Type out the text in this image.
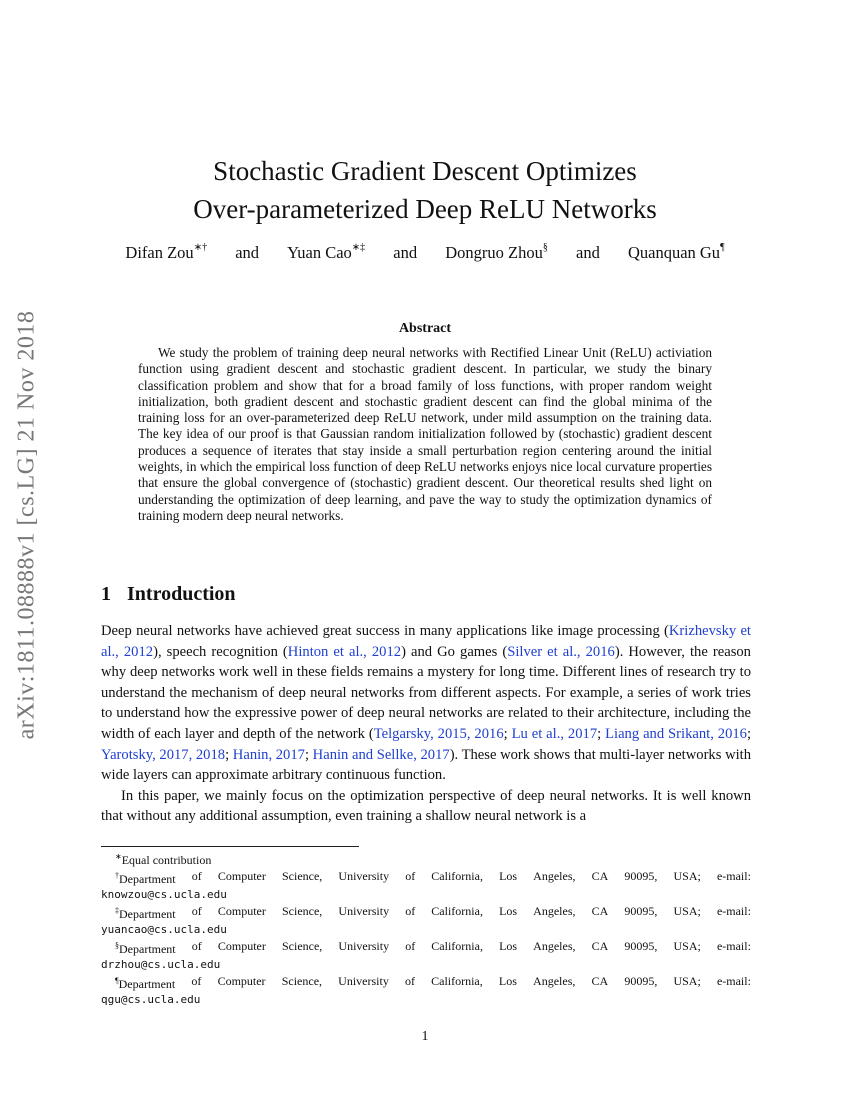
arXiv:1811.08888v1 [cs.LG] 21 Nov 2018
Stochastic Gradient Descent Optimizes
Over-parameterized Deep ReLU Networks
Difan Zou∗† and Yuan Cao∗‡ and Dongruo Zhou§ and Quanquan Gu¶
Abstract
We study the problem of training deep neural networks with Rectified Linear Unit (ReLU) activiation function using gradient descent and stochastic gradient descent. In particular, we study the binary classification problem and show that for a broad family of loss functions, with proper random weight initialization, both gradient descent and stochastic gradient descent can find the global minima of the training loss for an over-parameterized deep ReLU network, under mild assumption on the training data. The key idea of our proof is that Gaussian random initialization followed by (stochastic) gradient descent produces a sequence of iterates that stay inside a small perturbation region centering around the initial weights, in which the empirical loss function of deep ReLU networks enjoys nice local curvature properties that ensure the global convergence of (stochastic) gradient descent. Our theoretical results shed light on understanding the optimization of deep learning, and pave the way to study the optimization dynamics of training modern deep neural networks.
1 Introduction

Deep neural networks have achieved great success in many applications like image processing (Krizhevsky et al., 2012), speech recognition (Hinton et al., 2012) and Go games (Silver et al., 2016). However, the reason why deep networks work well in these fields remains a mystery for long time. Different lines of research try to understand the mechanism of deep neural networks from different aspects. For example, a series of work tries to understand how the expressive power of deep neural networks are related to their architecture, including the width of each layer and depth of the network (Telgarsky, 2015, 2016; Lu et al., 2017; Liang and Srikant, 2016; Yarotsky, 2017, 2018; Hanin, 2017; Hanin and Sellke, 2017). These work shows that multi-layer networks with wide layers can approximate arbitrary continuous function.

In this paper, we mainly focus on the optimization perspective of deep neural networks. It is well known that without any additional assumption, even training a shallow neural network is a

∗Equal contribution
†Department of Computer Science, University of California, Los Angeles, CA 90095, USA; e-mail:
knowzou@cs.ucla.edu
‡Department of Computer Science, University of California, Los Angeles, CA 90095, USA; e-mail:
yuancao@cs.ucla.edu
§Department of Computer Science, University of California, Los Angeles, CA 90095, USA; e-mail:
drzhou@cs.ucla.edu
¶Department of Computer Science, University of California, Los Angeles, CA 90095, USA; e-mail:
qgu@cs.ucla.edu
1
